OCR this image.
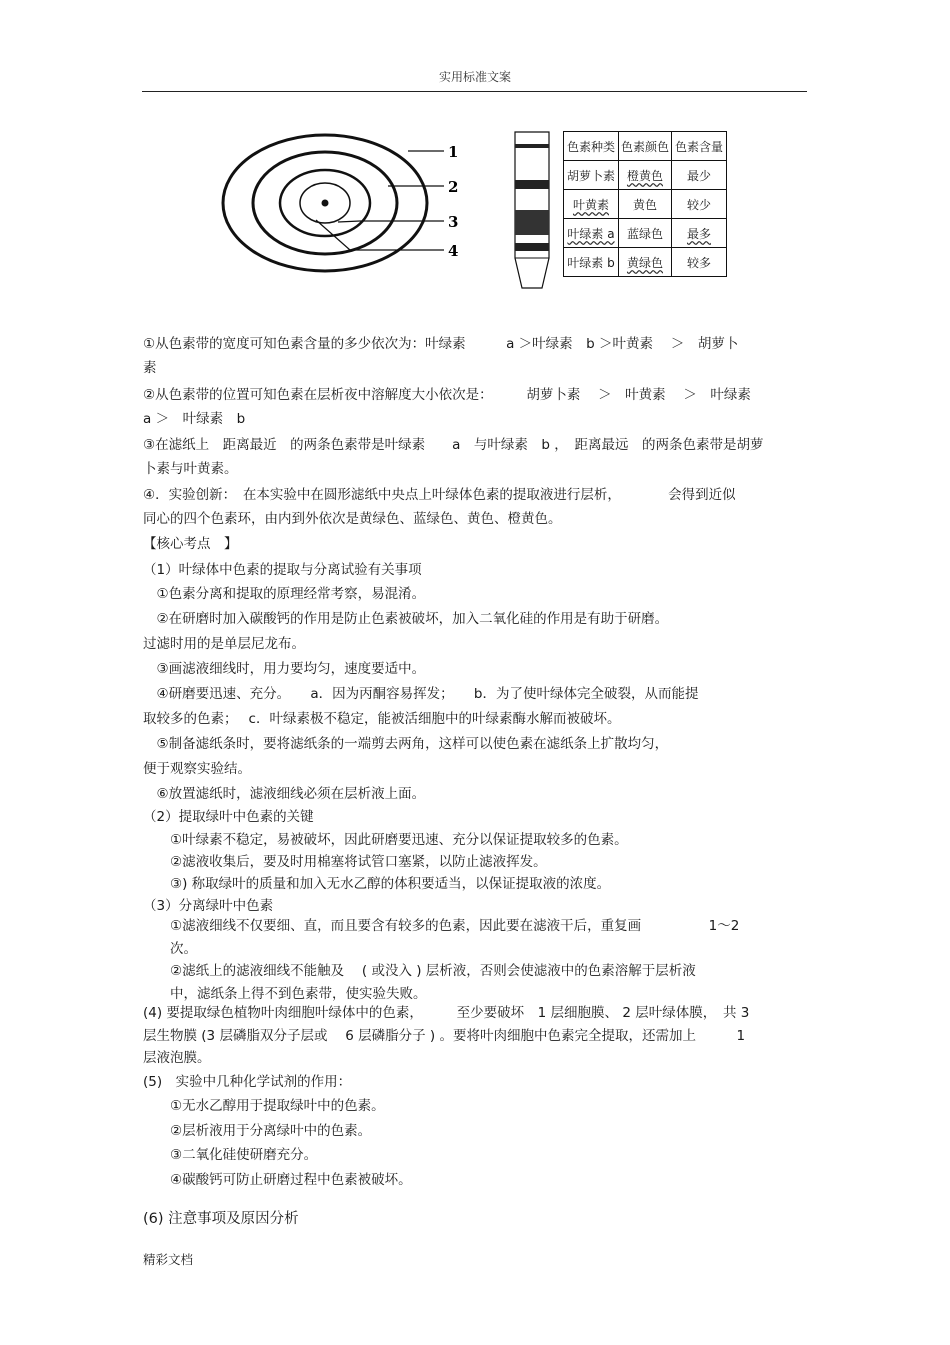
实用标准文案
1
2
3
4
色素种类	色素颜色	色素含量
胡萝卜素	橙黄色	最少
叶黄素	黄色	较少
叶绿素 a	蓝绿色	最多
叶绿素 b	黄绿色	较多
①从色素带的宽度可知色素含量的多少依次为：叶绿素　　　a ＞叶绿素　b ＞叶黄素　 ＞　胡萝卜
素
②从色素带的位置可知色素在层析夜中溶解度大小依次是：　　　胡萝卜素　 ＞　叶黄素　 ＞　叶绿素
a ＞　叶绿素　b
③在滤纸上　距离最近　的两条色素带是叶绿素　　a　与叶绿素　b ，　距离最远　的两条色素带是胡萝
卜素与叶黄素。
④．实验创新：　在本实验中在圆形滤纸中央点上叶绿体色素的提取液进行层析，　　　　会得到近似
同心的四个色素环，由内到外依次是黄绿色、蓝绿色、黄色、橙黄色。
【核心考点　】
（1）叶绿体中色素的提取与分离试验有关事项
　①色素分离和提取的原理经常考察，易混淆。
　②在研磨时加入碳酸钙的作用是防止色素被破坏，加入二氧化硅的作用是有助于研磨。
过滤时用的是单层尼龙布。
　③画滤液细线时，用力要均匀，速度要适中。
　④研磨要迅速、充分。　　a．因为丙酮容易挥发；　　b．为了使叶绿体完全破裂，从而能提
取较多的色素；　 c．叶绿素极不稳定，能被活细胞中的叶绿素酶水解而被破坏。
　⑤制备滤纸条时，要将滤纸条的一端剪去两角，这样可以使色素在滤纸条上扩散均匀，
便于观察实验结。
　⑥放置滤纸时，滤液细线必须在层析液上面。
（2）提取绿叶中色素的关键
　　①叶绿素不稳定，易被破坏，因此研磨要迅速、充分以保证提取较多的色素。
　　②滤液收集后，要及时用棉塞将试管口塞紧，以防止滤液挥发。
　　③) 称取绿叶的质量和加入无水乙醇的体积要适当，以保证提取液的浓度。
（3）分离绿叶中色素
　　①滤液细线不仅要细、直，而且要含有较多的色素，因此要在滤液干后，重复画　　　　　1～2
　　次。
　　②滤纸上的滤液细线不能触及　 ( 或没入 ) 层析液，否则会使滤液中的色素溶解于层析液
　　中，滤纸条上得不到色素带，使实验失败。
(4) 要提取绿色植物叶肉细胞叶绿体中的色素，　　　至少要破坏　1 层细胞膜、 2 层叶绿体膜，　共 3
层生物膜 (3 层磷脂双分子层或　 6 层磷脂分子 ) 。要将叶肉细胞中色素完全提取，还需加上　　　1
层液泡膜。
(5)　实验中几种化学试剂的作用：
　　①无水乙醇用于提取绿叶中的色素。
　　②层析液用于分离绿叶中的色素。
　　③二氧化硅使研磨充分。
　　④碳酸钙可防止研磨过程中色素被破坏。
(6) 注意事项及原因分析
精彩文档
